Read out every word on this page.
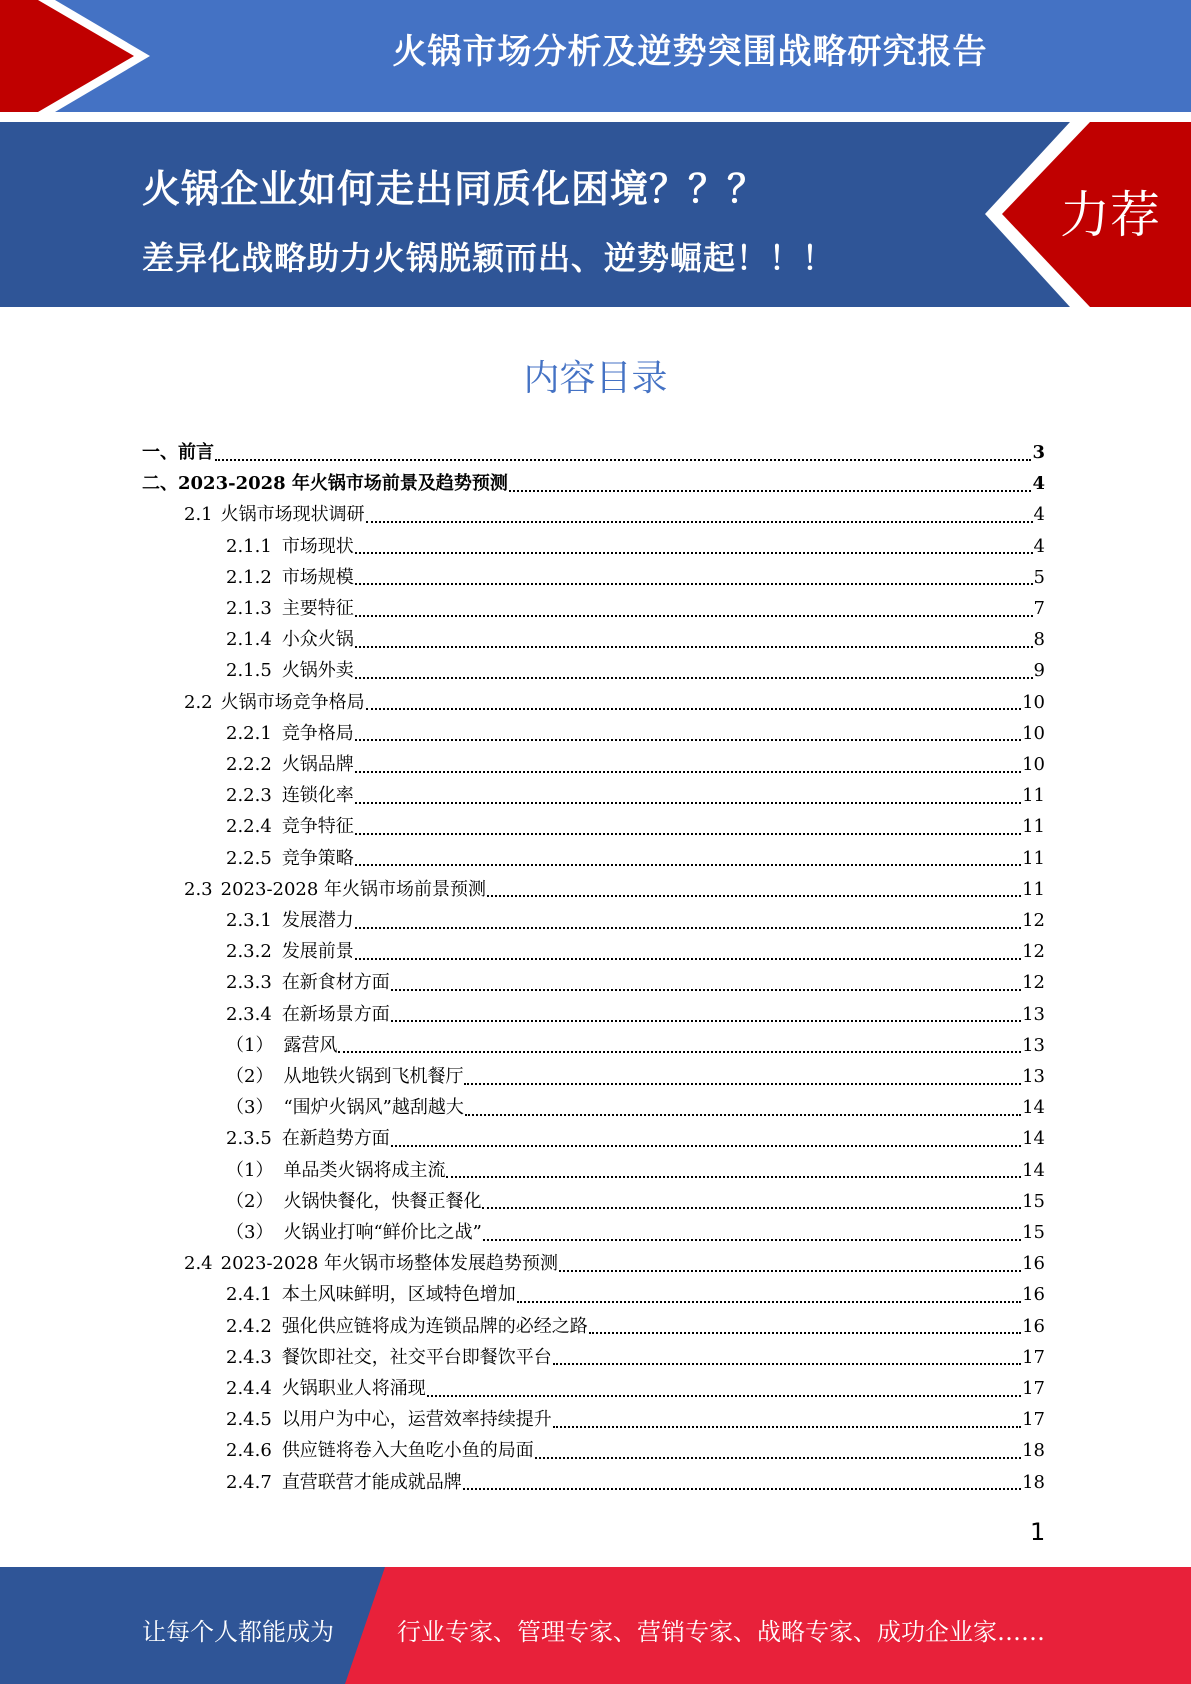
火锅市场分析及逆势突围战略研究报告
火锅企业如何走出同质化困境？？？
差异化战略助力火锅脱颖而出、逆势崛起！！！
力荐
内容目录
一、 前言	3
二、 2023-2028 年火锅市场前景及趋势预测	4
2.1 火锅市场现状调研	4
2.1.1 市场现状	4
2.1.2 市场规模	5
2.1.3 主要特征	7
2.1.4 小众火锅	8
2.1.5 火锅外卖	9
2.2 火锅市场竞争格局	10
2.2.1 竞争格局	10
2.2.2 火锅品牌	10
2.2.3 连锁化率	11
2.2.4 竞争特征	11
2.2.5 竞争策略	11
2.3 2023-2028 年火锅市场前景预测	11
2.3.1 发展潜力	12
2.3.2 发展前景	12
2.3.3 在新食材方面	12
2.3.4 在新场景方面	13
（1） 露营风	13
（2） 从地铁火锅到飞机餐厅	13
（3） “围炉火锅风”越刮越大	14
2.3.5 在新趋势方面	14
（1） 单品类火锅将成主流	14
（2） 火锅快餐化，快餐正餐化	15
（3） 火锅业打响“鲜价比之战”	15
2.4 2023-2028 年火锅市场整体发展趋势预测	16
2.4.1 本土风味鲜明，区域特色增加	16
2.4.2 强化供应链将成为连锁品牌的必经之路	16
2.4.3 餐饮即社交，社交平台即餐饮平台	17
2.4.4 火锅职业人将涌现	17
2.4.5 以用户为中心，运营效率持续提升	17
2.4.6 供应链将卷入大鱼吃小鱼的局面	18
2.4.7 直营联营才能成就品牌	18
1
让每个人都能成为	行业专家、管理专家、营销专家、战略专家、成功企业家……
